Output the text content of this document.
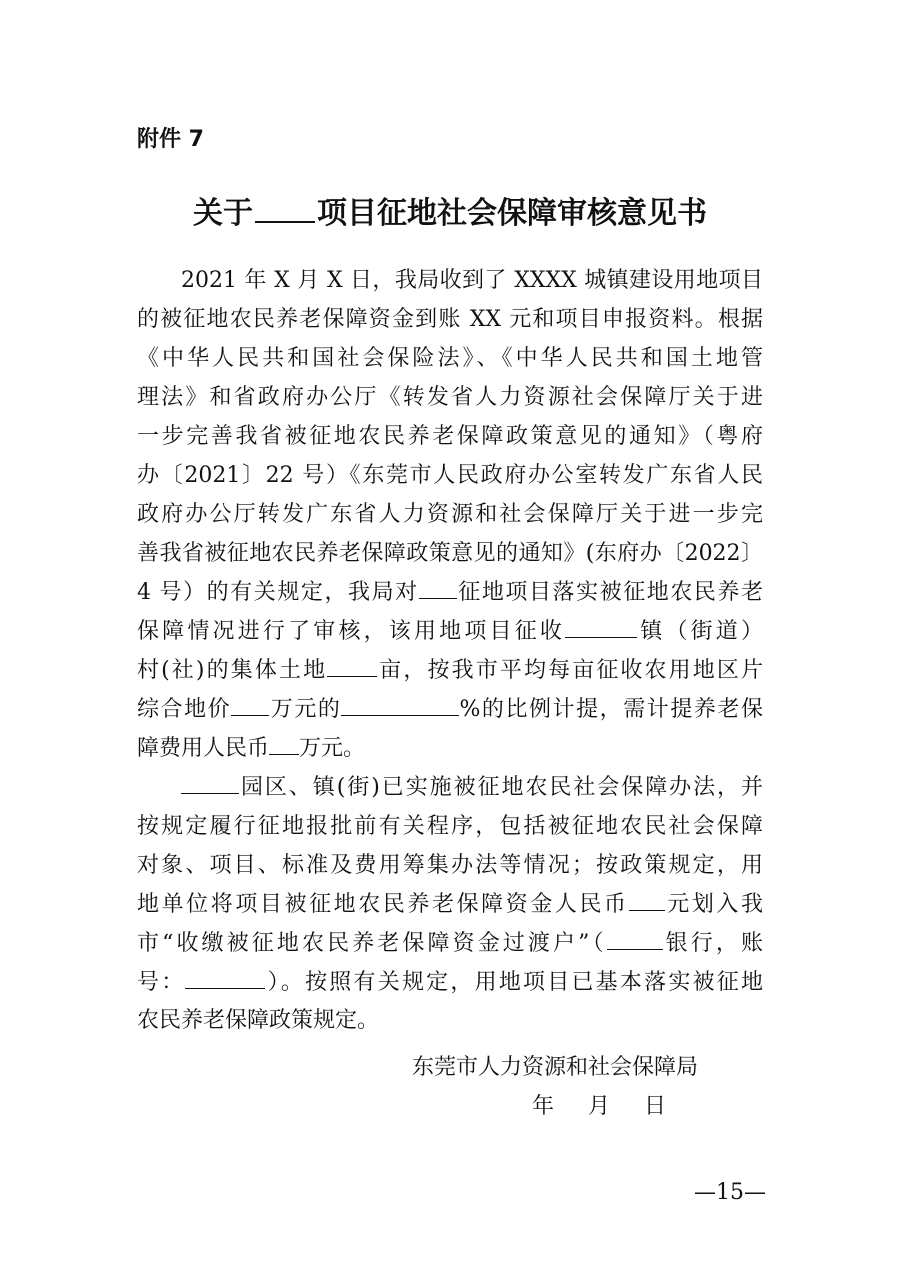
附件 7
关于 项目征地社会保障审核意见书
2021 年 X 月 X 日，我局收到了 XXXX 城镇建设用地项目
的被征地农民养老保障资金到账 XX 元和项目申报资料。根据
《中华人民共和国社会保险法》、《中华人民共和国土地管
理法》和省政府办公厅《转发省人力资源社会保障厅关于进
一步完善我省被征地农民养老保障政策意见的通知》（粤府
办〔2021〕22 号）《东莞市人民政府办公室转发广东省人民
政府办公厅转发广东省人力资源和社会保障厅关于进一步完
善我省被征地农民养老保障政策意见的通知》(东府办〔2022〕
4 号）的有关规定，我局对 征地项目落实被征地农民养老
保障情况进行了审核，该用地项目征收	镇（街道）
村(社)的集体土地 亩，按我市平均每亩征收农用地区片
综合地价 万元的	%的比例计提，需计提养老保
障费用人民币 万元。
园区、镇(街)已实施被征地农民社会保障办法，并
按规定履行征地报批前有关程序，包括被征地农民社会保障
对象、项目、标准及费用筹集办法等情况；按政策规定，用
地单位将项目被征地农民养老保障资金人民币 元划入我
市“收缴被征地农民养老保障资金过渡户”（	银行，账
号：	）。按照有关规定，用地项目已基本落实被征地
农民养老保障政策规定。
东莞市人力资源和社会保障局
年 月 日
—15—
